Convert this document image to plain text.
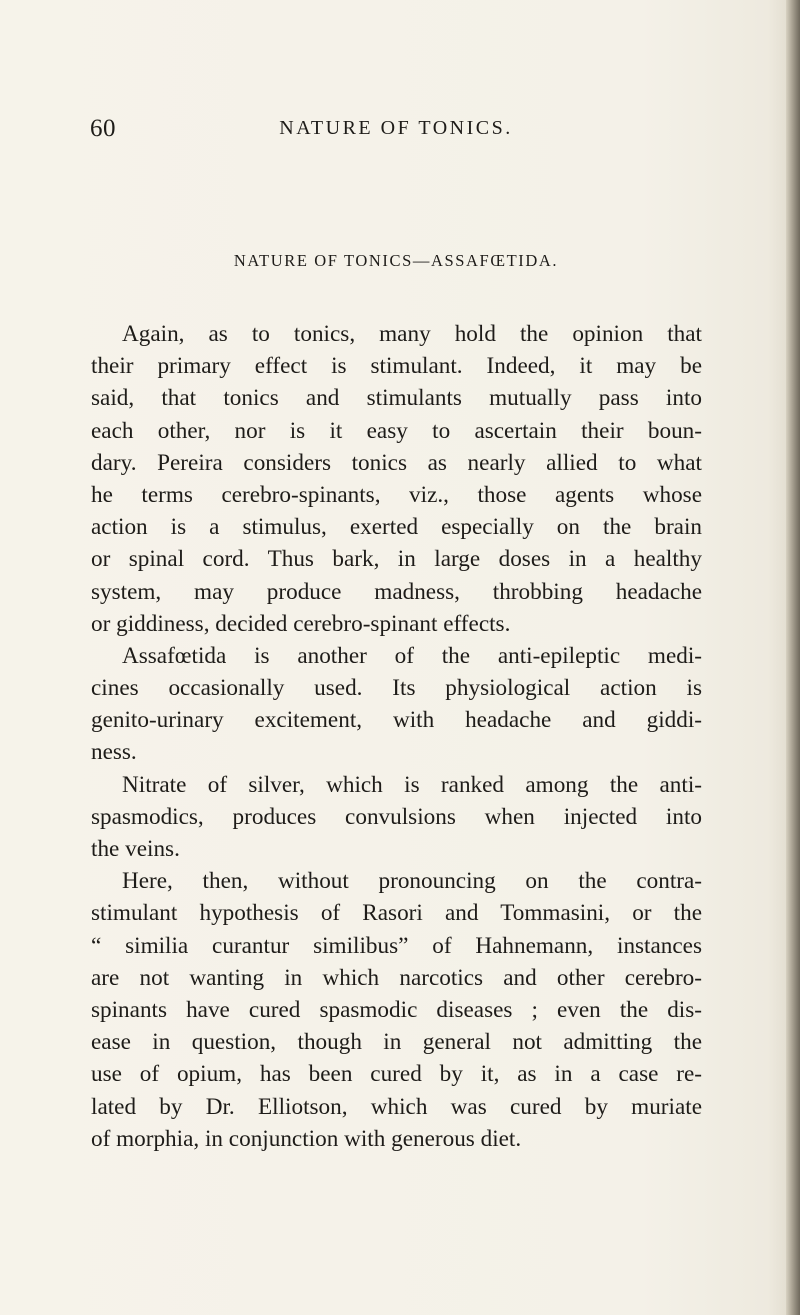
60	NATURE OF TONICS.
NATURE OF TONICS—ASSAFŒTIDA.
Again, as to tonics, many hold the opinion that
their primary effect is stimulant. Indeed, it may be
said, that tonics and stimulants mutually pass into
each other, nor is it easy to ascertain their boun-
dary. Pereira considers tonics as nearly allied to what
he terms cerebro-spinants, viz., those agents whose
action is a stimulus, exerted especially on the brain
or spinal cord. Thus bark, in large doses in a healthy
system, may produce madness, throbbing headache
or giddiness, decided cerebro-spinant effects.
Assafœtida is another of the anti-epileptic medi-
cines occasionally used. Its physiological action is
genito-urinary excitement, with headache and giddi-
ness.
Nitrate of silver, which is ranked among the anti-
spasmodics, produces convulsions when injected into
the veins.
Here, then, without pronouncing on the contra-
stimulant hypothesis of Rasori and Tommasini, or the
“ similia curantur similibus” of Hahnemann, instances
are not wanting in which narcotics and other cerebro-
spinants have cured spasmodic diseases ; even the dis-
ease in question, though in general not admitting the
use of opium, has been cured by it, as in a case re-
lated by Dr. Elliotson, which was cured by muriate
of morphia, in conjunction with generous diet.
